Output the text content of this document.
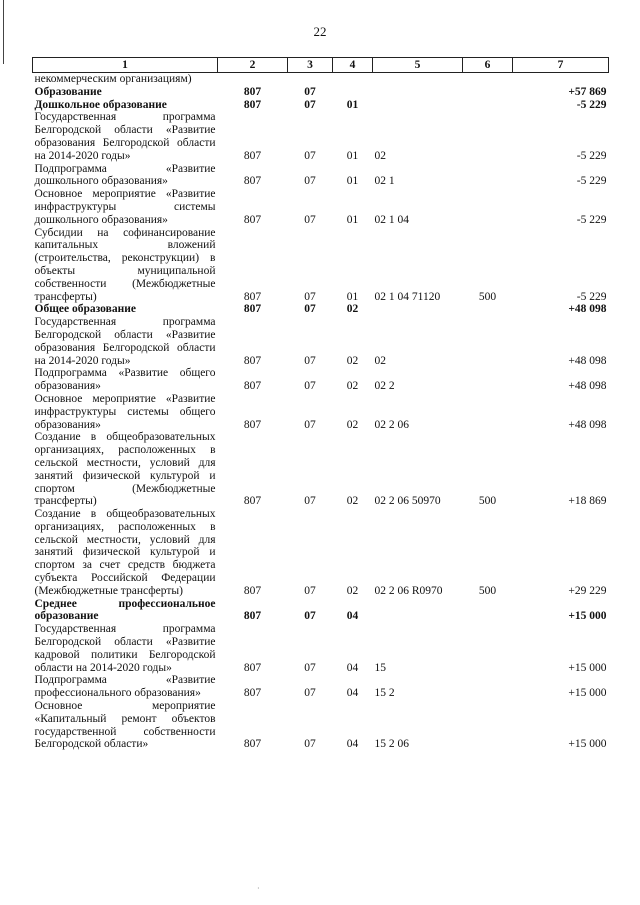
22
1	2	3	4	5	6	7
некоммерческим организациям)						
Образование	807	07				+57 869
Дошкольное образование	807	07	01			-5 229
Государственная программа Белгородской области «Развитие образования Белгородской области на 2014-2020 годы»	807	07	01	02		-5 229
Подпрограмма «Развитие дошкольного образования»	807	07	01	02 1		-5 229
Основное мероприятие «Развитие инфраструктуры системы дошкольного образования»	807	07	01	02 1 04		-5 229
Субсидии на софинансирование капитальных вложений (строительства, реконструкции) в объекты муниципальной собственности (Межбюджетные трансферты)	807	07	01	02 1 04 71120	500	-5 229
Общее образование	807	07	02			+48 098
Государственная программа Белгородской области «Развитие образования Белгородской области на 2014-2020 годы»	807	07	02	02		+48 098
Подпрограмма «Развитие общего образования»	807	07	02	02 2		+48 098
Основное мероприятие «Развитие инфраструктуры системы общего образования»	807	07	02	02 2 06		+48 098
Создание в общеобразовательных организациях, расположенных в сельской местности, условий для занятий физической культурой и спортом (Межбюджетные трансферты)	807	07	02	02 2 06 50970	500	+18 869
Создание в общеобразовательных организациях, расположенных в сельской местности, условий для занятий физической культурой и спортом за счет средств бюджета субъекта Российской Федерации (Межбюджетные трансферты)	807	07	02	02 2 06 R0970	500	+29 229
Среднее профессиональное образование	807	07	04			+15 000
Государственная программа Белгородской области «Развитие кадровой политики Белгородской области на 2014-2020 годы»	807	07	04	15		+15 000
Подпрограмма «Развитие профессионального образования»	807	07	04	15 2		+15 000
Основное мероприятие «Капитальный ремонт объектов государственной собственности Белгородской области»	807	07	04	15 2 06		+15 000
·
